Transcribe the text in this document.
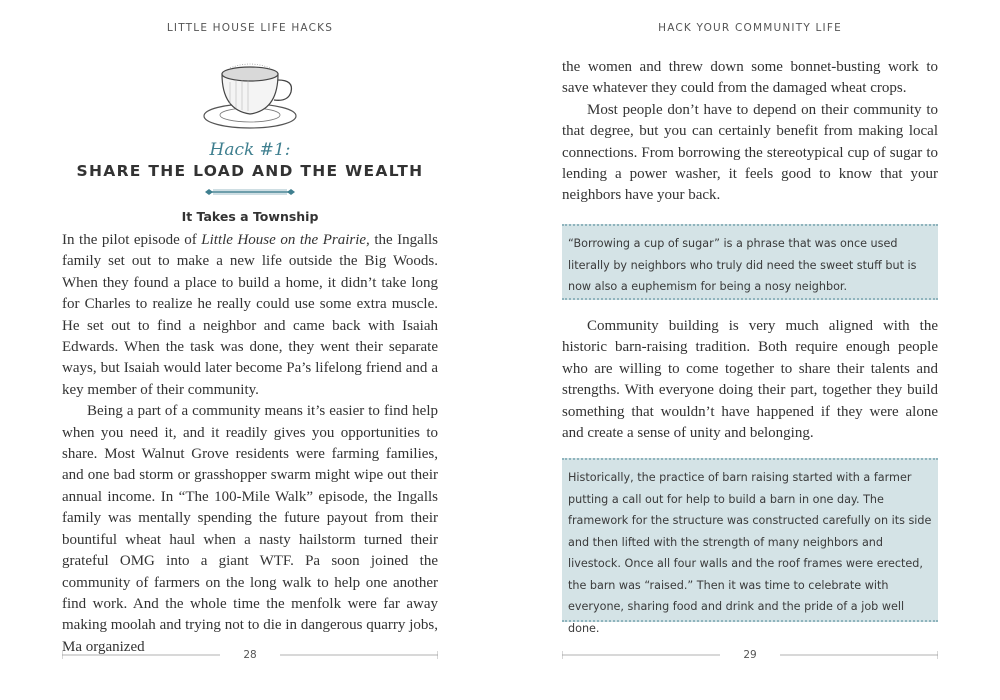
LITTLE HOUSE LIFE HACKS
Hack #1:
SHARE THE LOAD AND THE WEALTH
It Takes a Township

In the pilot episode of Little House on the Prairie, the Ingalls family set out to make a new life outside the Big Woods. When they found a place to build a home, it didn’t take long for Charles to realize he really could use some extra muscle. He set out to find a neighbor and came back with Isaiah Edwards. When the task was done, they went their separate ways, but Isaiah would later become Pa’s lifelong friend and a key member of their community.

Being a part of a community means it’s easier to find help when you need it, and it readily gives you opportunities to share. Most Walnut Grove residents were farming families, and one bad storm or grasshopper swarm might wipe out their annual income. In “The 100-Mile Walk” episode, the Ingalls family was mentally spending the future payout from their bountiful wheat haul when a nasty hailstorm turned their grateful OMG into a giant WTF. Pa soon joined the community of farmers on the long walk to help one another find work. And the whole time the menfolk were far away making moolah and trying not to die in dangerous quarry jobs, Ma organized

28
HACK YOUR COMMUNITY LIFE

the women and threw down some bonnet-busting work to save whatever they could from the damaged wheat crops.

Most people don’t have to depend on their community to that degree, but you can certainly benefit from making local connections. From borrowing the stereotypical cup of sugar to lending a power washer, it feels good to know that your neighbors have your back.

“Borrowing a cup of sugar” is a phrase that was once used literally by neighbors who truly did need the sweet stuff but is now also a euphemism for being a nosy neighbor.

Community building is very much aligned with the historic barn-raising tradition. Both require enough people who are willing to come together to share their talents and strengths. With everyone doing their part, together they build something that wouldn’t have happened if they were alone and create a sense of unity and belonging.

Historically, the practice of barn raising started with a farmer putting a call out for help to build a barn in one day. The framework for the structure was constructed carefully on its side and then lifted with the strength of many neighbors and livestock. Once all four walls and the roof frames were erected, the barn was “raised.” Then it was time to celebrate with everyone, sharing food and drink and the pride of a job well done.
29
